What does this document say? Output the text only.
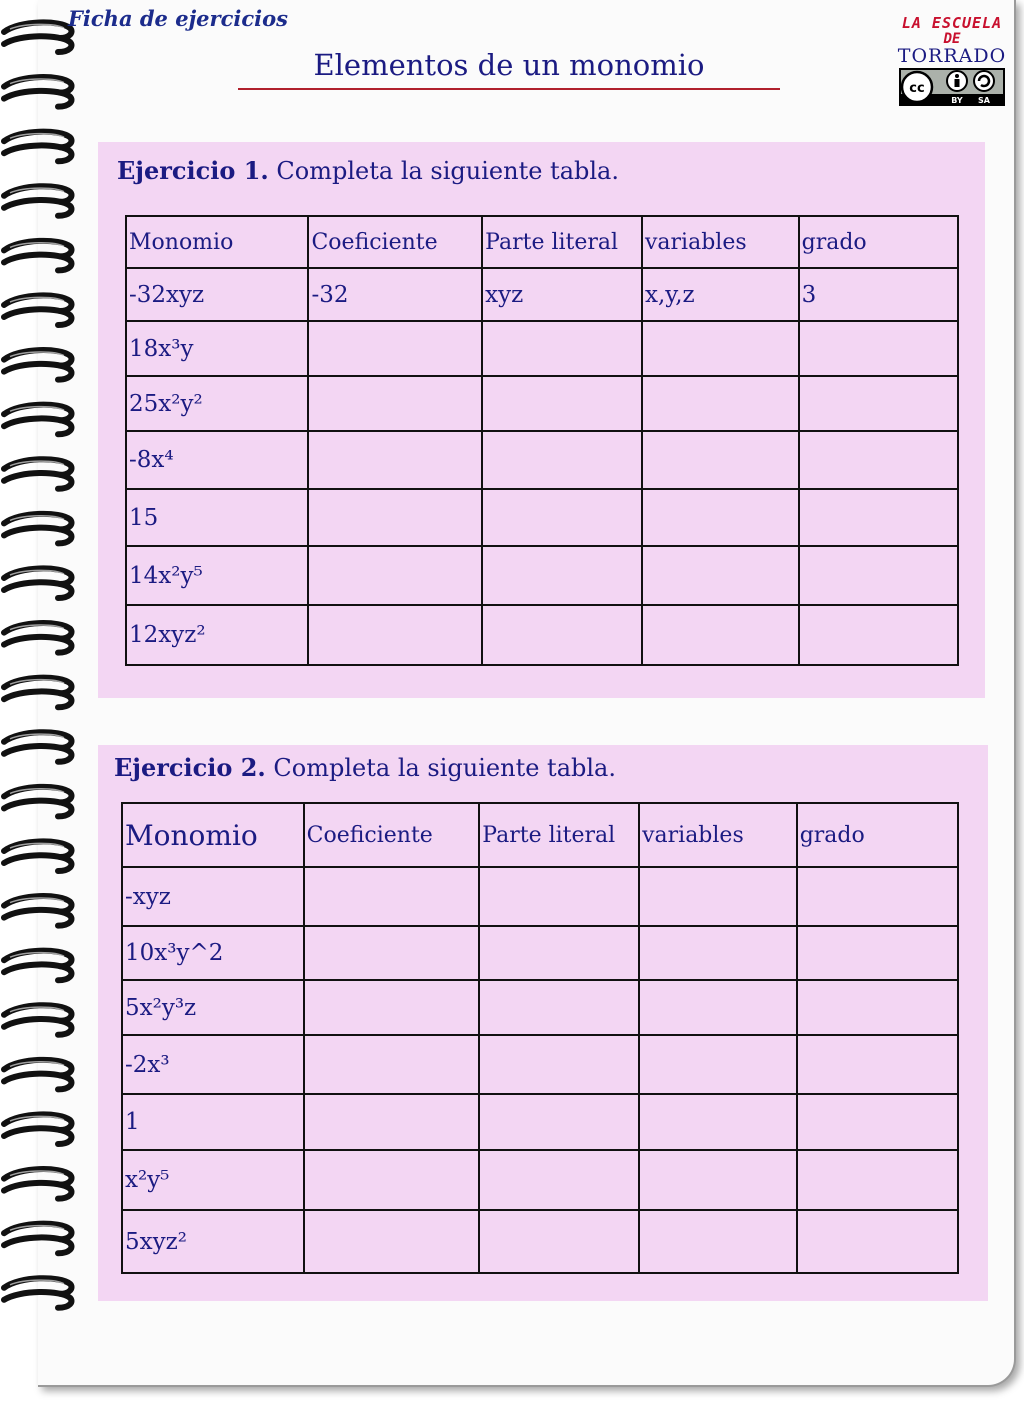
Ficha de ejercicios
Elementos de un monomio
LA ESCUELA
DE
TORRADO
cc
BY SA
Ejercicio 1. Completa la siguiente tabla.
Monomio	Coeficiente	Parte literal	variables	grado
-32xyz	-32	xyz	x,y,z	3
18x³y				
25x²y²				
-8x⁴				
15				
14x²y⁵				
12xyz²				
Ejercicio 2. Completa la siguiente tabla.
Monomio	Coeficiente	Parte literal	variables	grado
-xyz				
10x³y^2				
5x²y³z				
-2x³				
1				
x²y⁵				
5xyz²				
